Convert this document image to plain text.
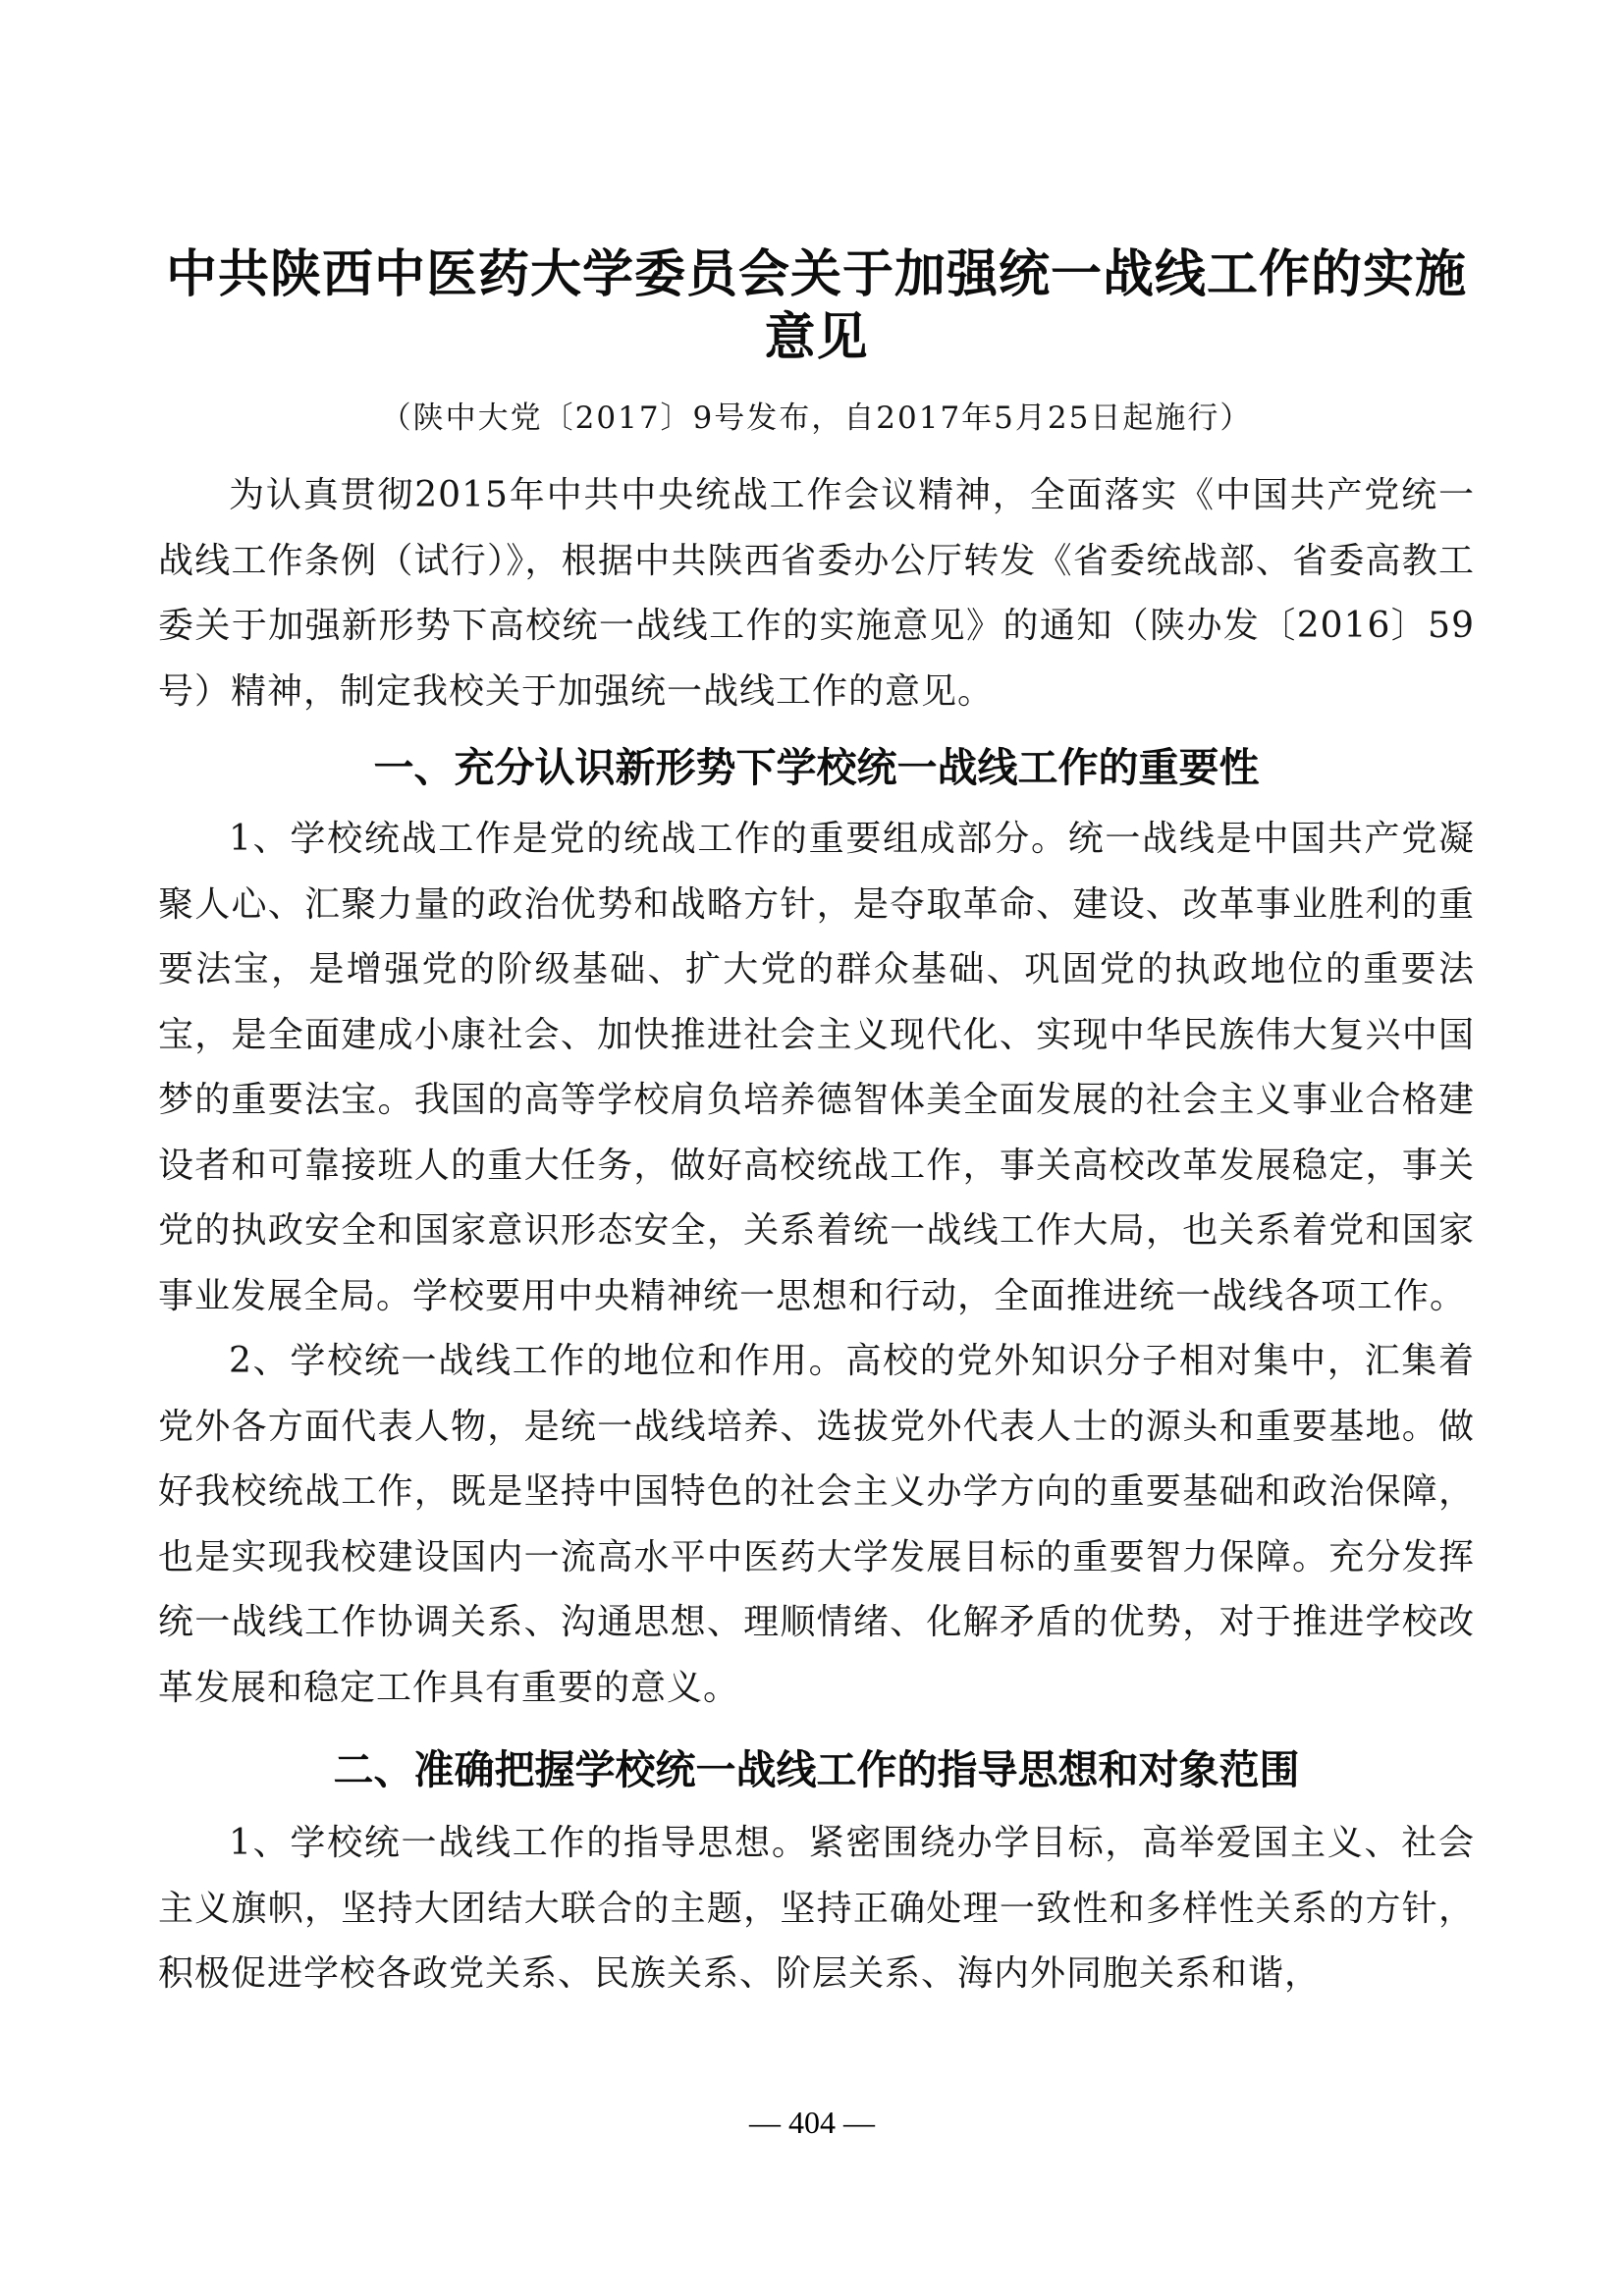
中共陕西中医药大学委员会关于加强统一战线工作的实施意见

（陕中大党〔2017〕9号发布，自2017年5月25日起施行）

为认真贯彻2015年中共中央统战工作会议精神，全面落实《中国共产党统一战线工作条例（试行）》，根据中共陕西省委办公厅转发《省委统战部、省委高教工委关于加强新形势下高校统一战线工作的实施意见》的通知（陕办发〔2016〕59号）精神，制定我校关于加强统一战线工作的意见。

一、充分认识新形势下学校统一战线工作的重要性

1、学校统战工作是党的统战工作的重要组成部分。统一战线是中国共产党凝聚人心、汇聚力量的政治优势和战略方针，是夺取革命、建设、改革事业胜利的重要法宝，是增强党的阶级基础、扩大党的群众基础、巩固党的执政地位的重要法宝，是全面建成小康社会、加快推进社会主义现代化、实现中华民族伟大复兴中国梦的重要法宝。我国的高等学校肩负培养德智体美全面发展的社会主义事业合格建设者和可靠接班人的重大任务，做好高校统战工作，事关高校改革发展稳定，事关党的执政安全和国家意识形态安全，关系着统一战线工作大局，也关系着党和国家事业发展全局。学校要用中央精神统一思想和行动，全面推进统一战线各项工作。

2、学校统一战线工作的地位和作用。高校的党外知识分子相对集中，汇集着党外各方面代表人物，是统一战线培养、选拔党外代表人士的源头和重要基地。做好我校统战工作，既是坚持中国特色的社会主义办学方向的重要基础和政治保障，也是实现我校建设国内一流高水平中医药大学发展目标的重要智力保障。充分发挥统一战线工作协调关系、沟通思想、理顺情绪、化解矛盾的优势，对于推进学校改革发展和稳定工作具有重要的意义。

二、准确把握学校统一战线工作的指导思想和对象范围

1、学校统一战线工作的指导思想。紧密围绕办学目标，高举爱国主义、社会主义旗帜，坚持大团结大联合的主题，坚持正确处理一致性和多样性关系的方针，积极促进学校各政党关系、民族关系、阶层关系、海内外同胞关系和谐，

— 404 —
